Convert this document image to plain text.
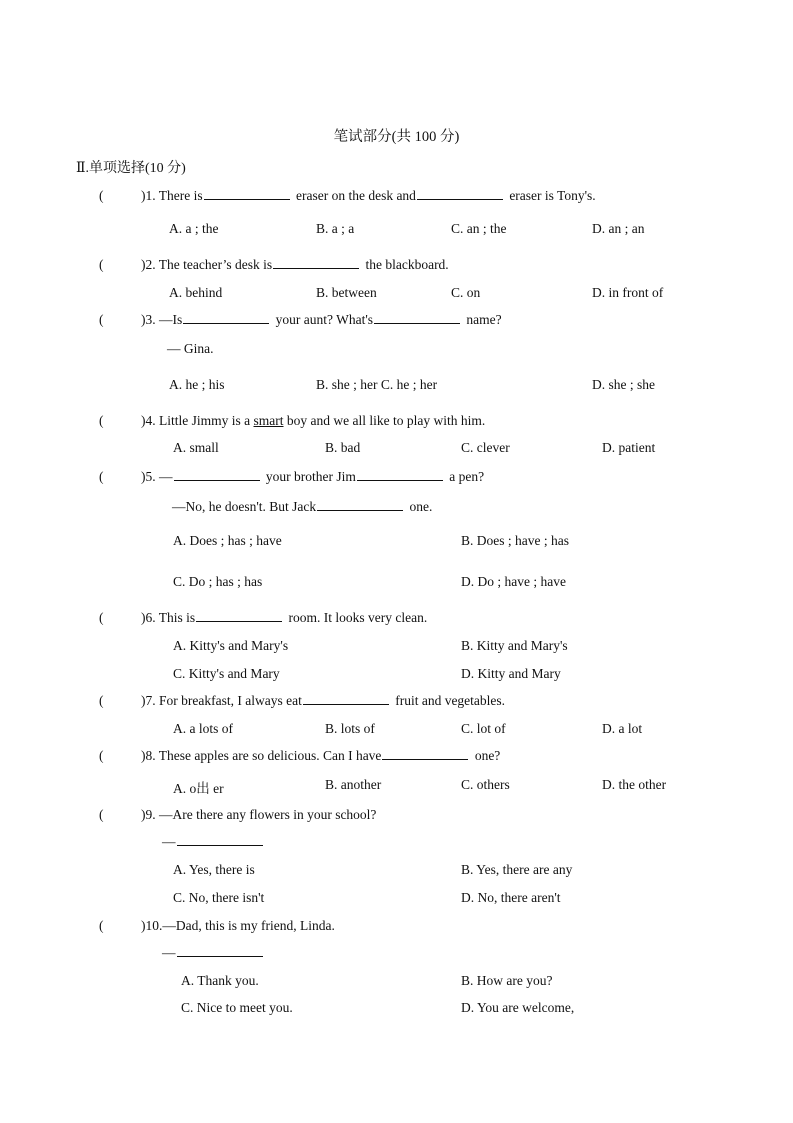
笔试部分(共 100 分)
Ⅱ.单项选择(10 分)
(	)1. There is	eraser on the desk and	eraser is Tony's.
A. a ; the	B. a ; a	C. an ; the	D. an ; an
(	)2. The teacher’s desk is	the blackboard.
A. behind	B. between	C. on	D. in front of
(	)3. —Is	your aunt? What's	name?
— Gina.
A. he ; his	B. she ; her C. he ; her	D. she ; she
(	)4. Little Jimmy is a smart boy and we all like to play with him.
A. small	B. bad	C. clever	D. patient
(	)5. —	your brother Jim	a pen?
—No, he doesn't. But Jack	one.
A. Does ; has ; have	B. Does ; have ; has
C. Do ; has ; has	D. Do ; have ; have
(	)6. This is	room. It looks very clean.
A. Kitty's and Mary's	B. Kitty and Mary's
C. Kitty's and Mary	D. Kitty and Mary
(	)7. For breakfast, I always eat	fruit and vegetables.
A. a lots of	B. lots of	C. lot of	D. a lot
(	)8. These apples are so delicious. Can I have	one?
A. o出 er	B. another	C. others	D. the other
(	)9. —Are there any flowers in your school?
—
A. Yes, there is	B. Yes, there are any
C. No, there isn't	D. No, there aren't
(	)10.—Dad, this is my friend, Linda.
—
A. Thank you.	B. How are you?
C. Nice to meet you.	D. You are welcome,
